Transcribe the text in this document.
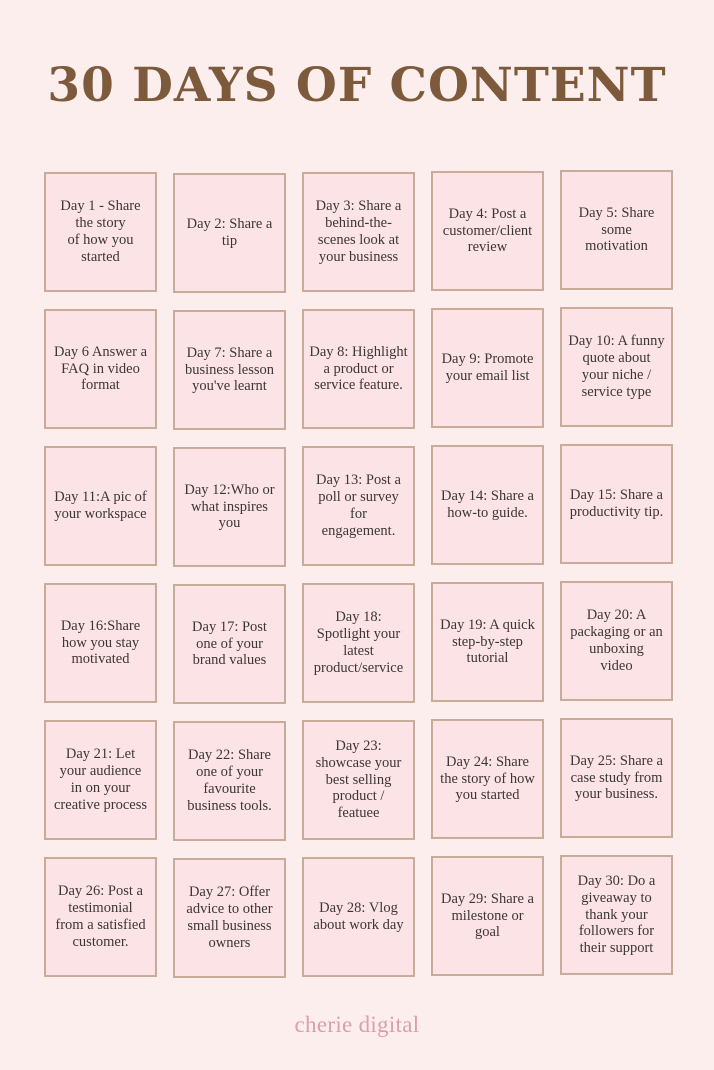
30 DAYS OF CONTENT
Day 1 - Share
the story
of how you
started
Day 2: Share a
tip
Day 3: Share a
behind-the-
scenes look at
your business
Day 4: Post a
customer/client
review
Day 5: Share
some
motivation
Day 6 Answer a
FAQ in video
format
Day 7: Share a
business lesson
you've learnt
Day 8: Highlight
a product or
service feature.
Day 9: Promote
your email list
Day 10: A funny
quote about
your niche /
service type
Day 11:A pic of
your workspace
Day 12:Who or
what inspires
you
Day 13: Post a
poll or survey
for
engagement.
Day 14: Share a
how-to guide.
Day 15: Share a
productivity tip.
Day 16:Share
how you stay
motivated
Day 17: Post
one of your
brand values
Day 18:
Spotlight your
latest
product/service
Day 19: A quick
step-by-step
tutorial
Day 20: A
packaging or an
unboxing
video
Day 21: Let
your audience
in on your
creative process
Day 22: Share
one of your
favourite
business tools.
Day 23:
showcase your
best selling
product /
featuee
Day 24: Share
the story of how
you started
Day 25: Share a
case study from
your business.
Day 26: Post a
testimonial
from a satisfied
customer.
Day 27: Offer
advice to other
small business
owners
Day 28: Vlog
about work day
Day 29: Share a
milestone or
goal
Day 30: Do a
giveaway to
thank your
followers for
their support
cherie digital
